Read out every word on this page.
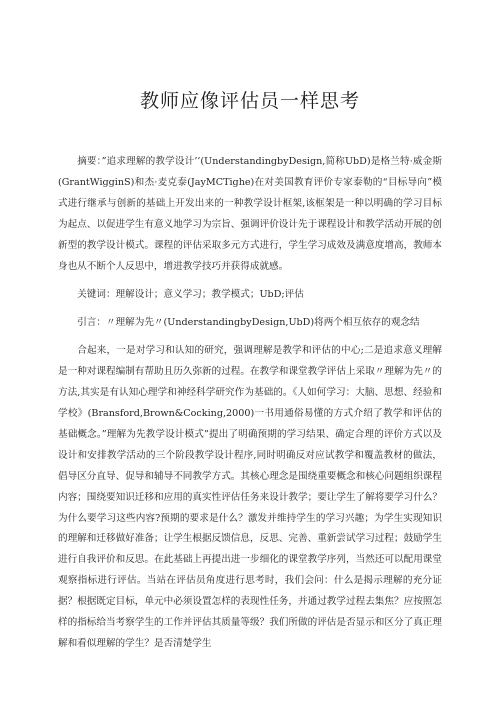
教师应像评估员一样思考

摘要：”追求理解的教学设计’’(UnderstandingbyDesign,简称UbD)是格兰特·威金斯(GrantWigginS)和杰·麦克泰(JayMCTighe)在对美国教育评价专家泰勒的“目标导向”模式进行继承与创新的基础上开发出来的一种教学设计框架,该框架是一种以明确的学习目标为起点、以促进学生有意义地学习为宗旨、强调评价设计先于课程设计和教学活动开展的创新型的教学设计模式。课程的评估采取多元方式进行，学生学习成效及满意度增高，教师本身也从不断个人反思中，增进教学技巧并获得成就感。

关键词：理解设计；意义学习；教学模式；UbD;评估

引言：〃理解为先〃(UnderstandingbyDesign,UbD)将两个相互依存的观念结

合起来，一是对学习和认知的研究，强调理解是教学和评估的中心;二是追求意义理解是一种对课程编制有帮助且历久弥新的过程。在教学和课堂教学评估上采取〃理解为先〃的方法,其实是有认知心理学和神经科学研究作为基础的。《人如何学习：大脑、思想、经验和学校》(Bransford,Brown&Cocking,2000)一书用通俗易懂的方式介绍了教学和评估的基础概念。”理解为先教学设计模式”提出了明确预期的学习结果、确定合理的评价方式以及设计和安排教学活动的三个阶段教学设计程序,同时明确反对应试教学和覆盖教材的做法，倡导区分直导、促导和辅导不同教学方式。其核心理念是围绕重要概念和核心问题组织课程内容；围绕要知识迁移和应用的真实性评估任务来设计教学；要让学生了解将要学习什么？为什么要学习这些内容?预期的要求是什么？激发并维持学生的学习兴趣；为学生实现知识的理解和迁移做好准备；让学生根据反馈信息，反思、完善、重新尝试学习过程；鼓励学生进行自我评价和反思。在此基础上再提出进一步细化的课堂教学序列，当然还可以配用课堂观察指标进行评估。当站在评估员角度进行思考时，我们会问：什么是揭示理解的充分证据？根据既定目标，单元中必须设置怎样的表现性任务，并通过教学过程去集焦？应按照怎样的指标给当考察学生的工作并评估其质量等级？我们所做的评估是否显示和区分了真正理解和看似理解的学生？是否清楚学生
